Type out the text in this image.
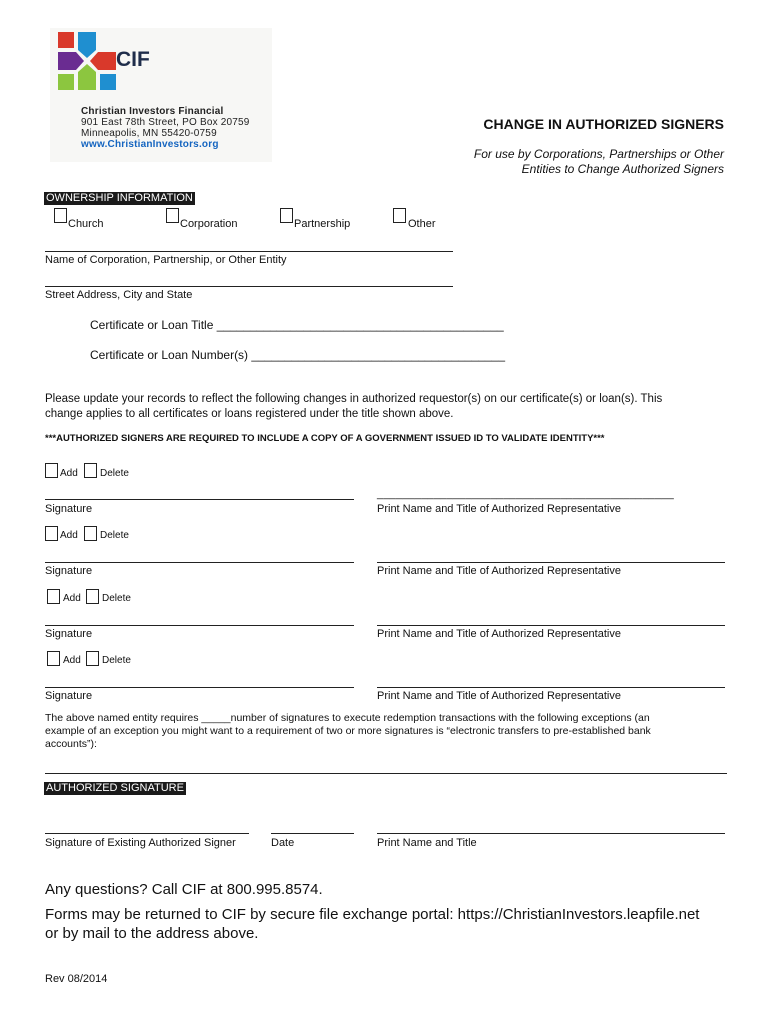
CIF
Christian Investors Financial
901 East 78th Street, PO Box 20759
Minneapolis, MN 55420-0759
www.ChristianInvestors.org
CHANGE IN AUTHORIZED SIGNERS
For use by Corporations, Partnerships or Other
Entities to Change Authorized Signers
OWNERSHIP INFORMATION
Church	Corporation	Partnership	Other
Name of Corporation, Partnership, or Other Entity
Street Address, City and State
Certificate or Loan Title ___________________________________________
Certificate or Loan Number(s) ______________________________________
Please update your records to reflect the following changes in authorized requestor(s) on our certificate(s) or loan(s). This
change applies to all certificates or loans registered under the title shown above.
***AUTHORIZED SIGNERS ARE REQUIRED TO INCLUDE A COPY OF A GOVERNMENT ISSUED ID TO VALIDATE IDENTITY***
Add Delete
Signature
_______________________________________________
Print Name and Title of Authorized Representative
Add Delete
Signature	Print Name and Title of Authorized Representative
Add Delete
Signature	Print Name and Title of Authorized Representative
Add Delete
Signature	Print Name and Title of Authorized Representative
The above named entity requires _____number of signatures to execute redemption transactions with the following exceptions (an
example of an exception you might want to a requirement of two or more signatures is “electronic transfers to pre-established bank
accounts”):
AUTHORIZED SIGNATURE
Signature of Existing Authorized Signer	Date	Print Name and Title
Any questions? Call CIF at 800.995.8574.
Forms may be returned to CIF by secure file exchange portal: https://ChristianInvestors.leapfile.net
or by mail to the address above.
Rev 08/2014
